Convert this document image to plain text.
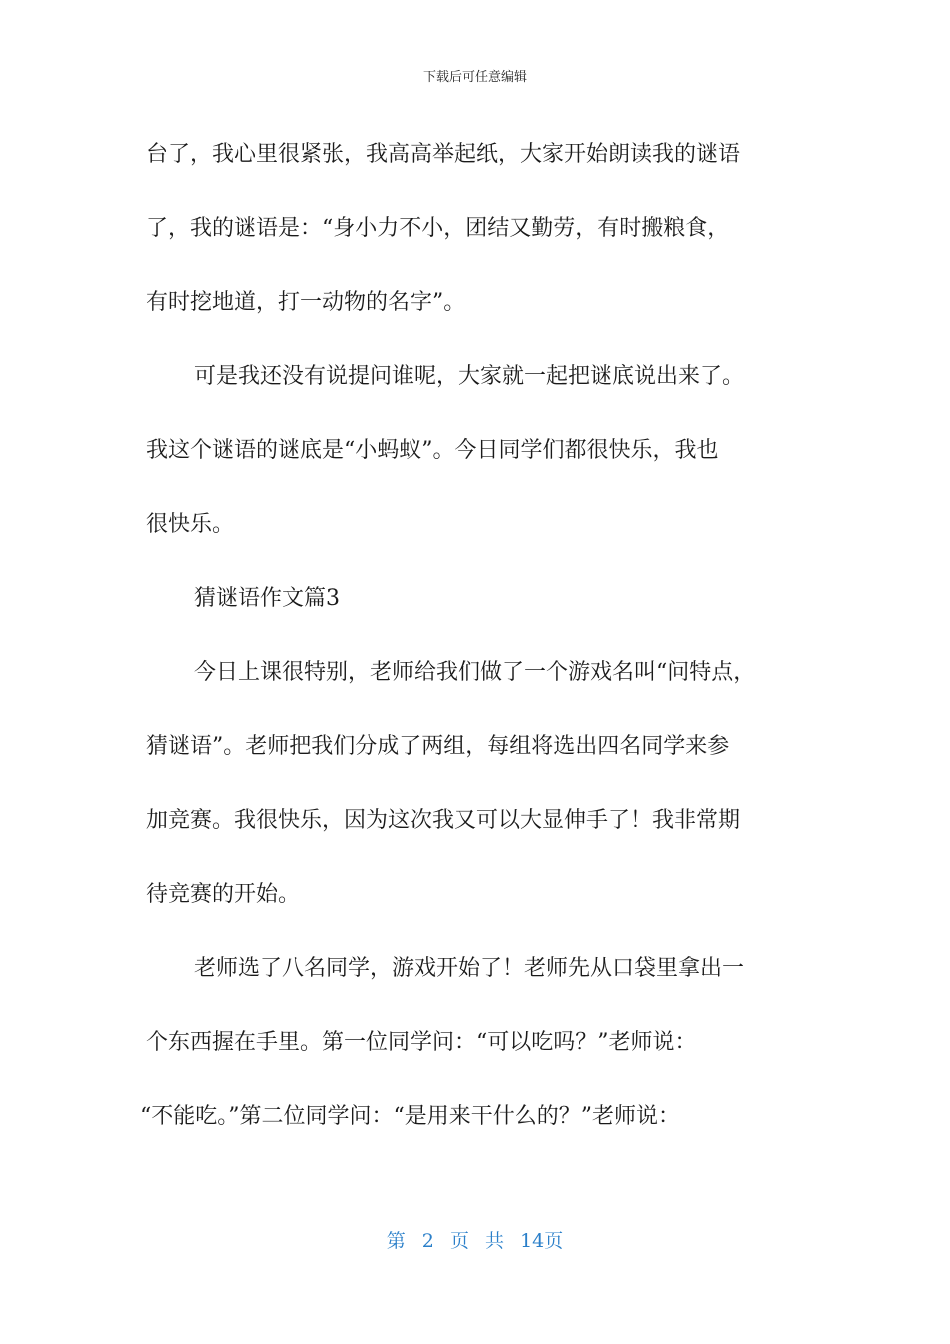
下载后可任意编辑

台了，我心里很紧张，我高高举起纸，大家开始朗读我的谜语

了，我的谜语是：“身小力不小，团结又勤劳，有时搬粮食，

有时挖地道，打一动物的名字”。

可是我还没有说提问谁呢，大家就一起把谜底说出来了。

我这个谜语的谜底是“小蚂蚁”。今日同学们都很快乐，我也

很快乐。

猜谜语作文篇3

今日上课很特别，老师给我们做了一个游戏名叫“问特点，

猜谜语”。老师把我们分成了两组，每组将选出四名同学来参

加竞赛。我很快乐，因为这次我又可以大显伸手了！我非常期

待竞赛的开始。

老师选了八名同学，游戏开始了！老师先从口袋里拿出一

个东西握在手里。第一位同学问：“可以吃吗？”老师说：

“不能吃。”第二位同学问：“是用来干什么的？”老师说：

第 2 页 共 14页
